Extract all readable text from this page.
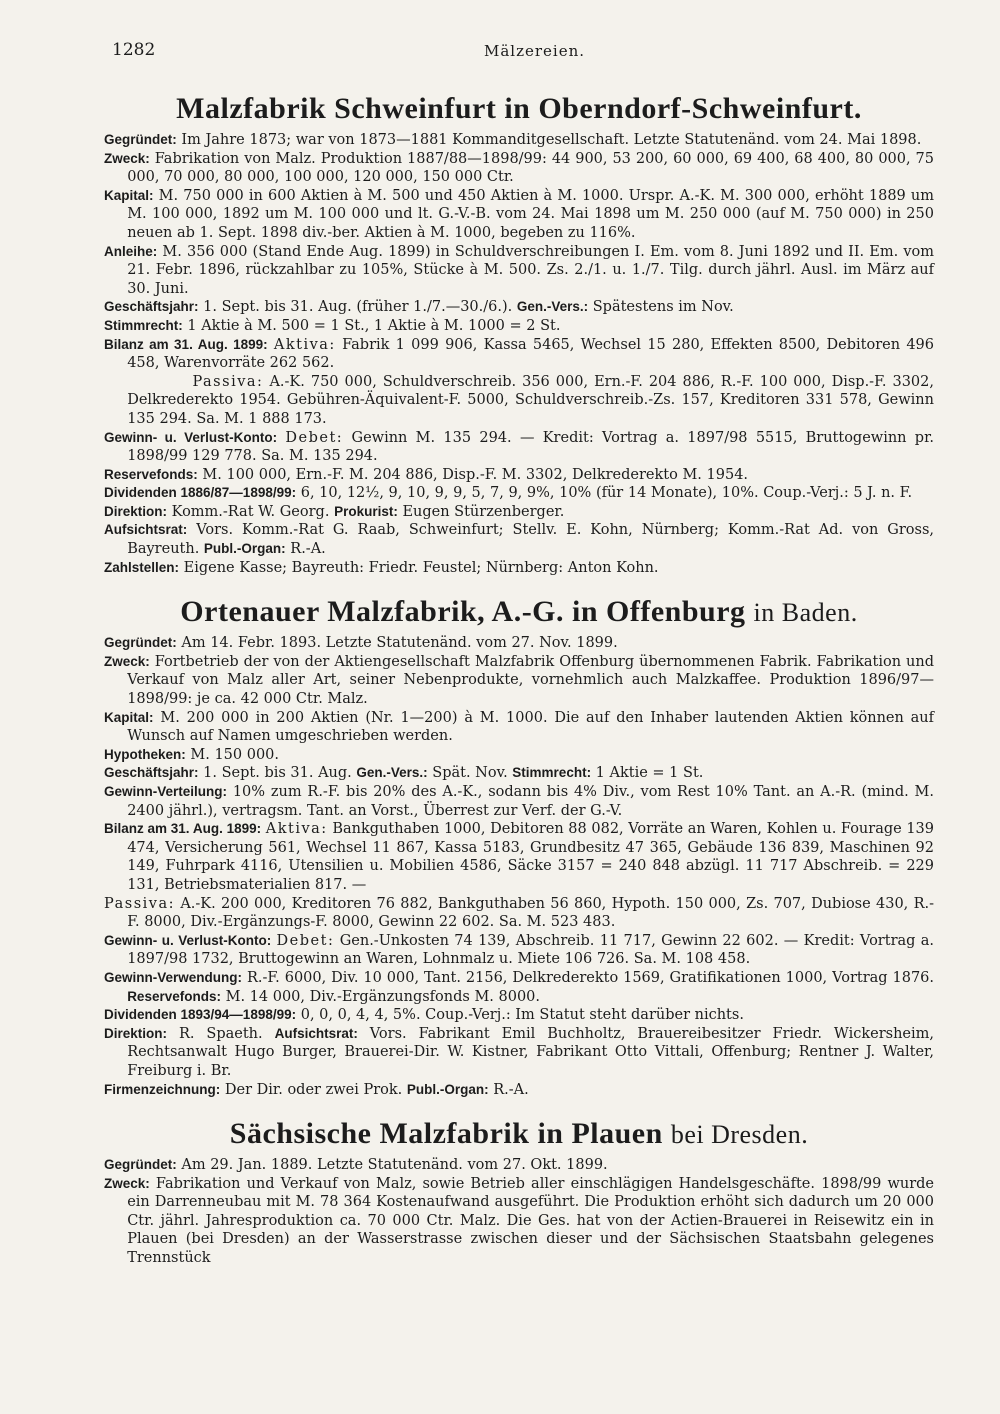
1282	Mälzereien.
Malzfabrik Schweinfurt in Oberndorf-Schweinfurt.

Gegründet: Im Jahre 1873; war von 1873—1881 Kommanditgesellschaft. Letzte Statutenänd. vom 24. Mai 1898.

Zweck: Fabrikation von Malz. Produktion 1887/88—1898/99: 44 900, 53 200, 60 000, 69 400, 68 400, 80 000, 75 000, 70 000, 80 000, 100 000, 120 000, 150 000 Ctr.

Kapital: M. 750 000 in 600 Aktien à M. 500 und 450 Aktien à M. 1000. Urspr. A.-K. M. 300 000, erhöht 1889 um M. 100 000, 1892 um M. 100 000 und lt. G.-V.-B. vom 24. Mai 1898 um M. 250 000 (auf M. 750 000) in 250 neuen ab 1. Sept. 1898 div.-ber. Aktien à M. 1000, begeben zu 116%.

Anleihe: M. 356 000 (Stand Ende Aug. 1899) in Schuldverschreibungen I. Em. vom 8. Juni 1892 und II. Em. vom 21. Febr. 1896, rückzahlbar zu 105%, Stücke à M. 500. Zs. 2./1. u. 1./7. Tilg. durch jährl. Ausl. im März auf 30. Juni.

Geschäftsjahr: 1. Sept. bis 31. Aug. (früher 1./7.—30./6.). Gen.-Vers.: Spätestens im Nov.

Stimmrecht: 1 Aktie à M. 500 = 1 St., 1 Aktie à M. 1000 = 2 St.

Bilanz am 31. Aug. 1899: Aktiva: Fabrik 1 099 906, Kassa 5465, Wechsel 15 280, Effekten 8500, Debitoren 496 458, Warenvorräte 262 562.

Passiva: A.-K. 750 000, Schuldverschreib. 356 000, Ern.-F. 204 886, R.-F. 100 000, Disp.-F. 3302, Delkrederekto 1954. Gebühren-Äquivalent-F. 5000, Schuldverschreib.-Zs. 157, Kreditoren 331 578, Gewinn 135 294. Sa. M. 1 888 173.

Gewinn- u. Verlust-Konto: Debet: Gewinn M. 135 294. — Kredit: Vortrag a. 1897/98 5515, Bruttogewinn pr. 1898/99 129 778. Sa. M. 135 294.

Reservefonds: M. 100 000, Ern.-F. M. 204 886, Disp.-F. M. 3302, Delkrederekto M. 1954.

Dividenden 1886/87—1898/99: 6, 10, 12½, 9, 10, 9, 9, 5, 7, 9, 9%, 10% (für 14 Monate), 10%. Coup.-Verj.: 5 J. n. F.

Direktion: Komm.-Rat W. Georg. Prokurist: Eugen Stürzenberger.

Aufsichtsrat: Vors. Komm.-Rat G. Raab, Schweinfurt; Stellv. E. Kohn, Nürnberg; Komm.-Rat Ad. von Gross, Bayreuth. Publ.-Organ: R.-A.

Zahlstellen: Eigene Kasse; Bayreuth: Friedr. Feustel; Nürnberg: Anton Kohn.

Ortenauer Malzfabrik, A.-G. in Offenburg in Baden.

Gegründet: Am 14. Febr. 1893. Letzte Statutenänd. vom 27. Nov. 1899.

Zweck: Fortbetrieb der von der Aktiengesellschaft Malzfabrik Offenburg übernommenen Fabrik. Fabrikation und Verkauf von Malz aller Art, seiner Nebenprodukte, vornehmlich auch Malzkaffee. Produktion 1896/97—1898/99: je ca. 42 000 Ctr. Malz.

Kapital: M. 200 000 in 200 Aktien (Nr. 1—200) à M. 1000. Die auf den Inhaber lautenden Aktien können auf Wunsch auf Namen umgeschrieben werden.

Hypotheken: M. 150 000.

Geschäftsjahr: 1. Sept. bis 31. Aug. Gen.-Vers.: Spät. Nov. Stimmrecht: 1 Aktie = 1 St.

Gewinn-Verteilung: 10% zum R.-F. bis 20% des A.-K., sodann bis 4% Div., vom Rest 10% Tant. an A.-R. (mind. M. 2400 jährl.), vertragsm. Tant. an Vorst., Überrest zur Verf. der G.-V.

Bilanz am 31. Aug. 1899: Aktiva: Bankguthaben 1000, Debitoren 88 082, Vorräte an Waren, Kohlen u. Fourage 139 474, Versicherung 561, Wechsel 11 867, Kassa 5183, Grundbesitz 47 365, Gebäude 136 839, Maschinen 92 149, Fuhrpark 4116, Utensilien u. Mobilien 4586, Säcke 3157 = 240 848 abzügl. 11 717 Abschreib. = 229 131, Betriebsmaterialien 817. —

Passiva: A.-K. 200 000, Kreditoren 76 882, Bankguthaben 56 860, Hypoth. 150 000, Zs. 707, Dubiose 430, R.-F. 8000, Div.-Ergänzungs-F. 8000, Gewinn 22 602. Sa. M. 523 483.

Gewinn- u. Verlust-Konto: Debet: Gen.-Unkosten 74 139, Abschreib. 11 717, Gewinn 22 602. — Kredit: Vortrag a. 1897/98 1732, Bruttogewinn an Waren, Lohnmalz u. Miete 106 726. Sa. M. 108 458.

Gewinn-Verwendung: R.-F. 6000, Div. 10 000, Tant. 2156, Delkrederekto 1569, Gratifikationen 1000, Vortrag 1876. Reservefonds: M. 14 000, Div.-Ergänzungsfonds M. 8000.

Dividenden 1893/94—1898/99: 0, 0, 0, 4, 4, 5%. Coup.-Verj.: Im Statut steht darüber nichts.

Direktion: R. Spaeth. Aufsichtsrat: Vors. Fabrikant Emil Buchholtz, Brauereibesitzer Friedr. Wickersheim, Rechtsanwalt Hugo Burger, Brauerei-Dir. W. Kistner, Fabrikant Otto Vittali, Offenburg; Rentner J. Walter, Freiburg i. Br.

Firmenzeichnung: Der Dir. oder zwei Prok. Publ.-Organ: R.-A.

Sächsische Malzfabrik in Plauen bei Dresden.

Gegründet: Am 29. Jan. 1889. Letzte Statutenänd. vom 27. Okt. 1899.

Zweck: Fabrikation und Verkauf von Malz, sowie Betrieb aller einschlägigen Handelsgeschäfte. 1898/99 wurde ein Darrenneubau mit M. 78 364 Kostenaufwand ausgeführt. Die Produktion erhöht sich dadurch um 20 000 Ctr. jährl. Jahresproduktion ca. 70 000 Ctr. Malz. Die Ges. hat von der Actien-Brauerei in Reisewitz ein in Plauen (bei Dresden) an der Wasserstrasse zwischen dieser und der Sächsischen Staatsbahn gelegenes Trennstück
